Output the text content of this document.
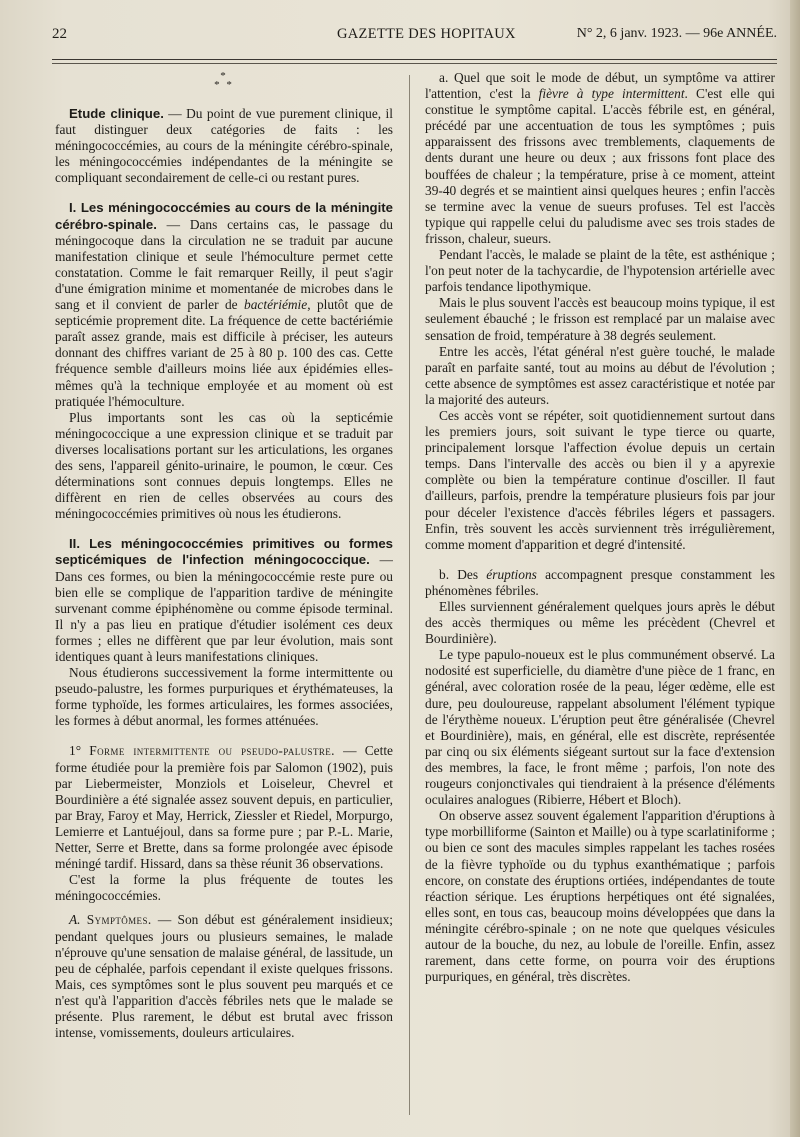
22	GAZETTE DES HOPITAUX	N° 2, 6 janv. 1923. — 96e ANNÉE.
*
* *

Etude clinique. — Du point de vue purement clinique, il faut distinguer deux catégories de faits : les méningococcémies, au cours de la méningite cérébro-spinale, les méningococcémies indépendantes de la méningite se compliquant secondairement de celle-ci ou restant pures.

I. Les méningococcémies au cours de la méningite cérébro-spinale. — Dans certains cas, le passage du méningocoque dans la circulation ne se traduit par aucune manifestation clinique et seule l'hémoculture permet cette constatation. Comme le fait remarquer Reilly, il peut s'agir d'une émigration minime et momentanée de microbes dans le sang et il convient de parler de bactériémie, plutôt que de septicémie proprement dite. La fréquence de cette bactériémie paraît assez grande, mais est difficile à préciser, les auteurs donnant des chiffres variant de 25 à 80 p. 100 des cas. Cette fréquence semble d'ailleurs moins liée aux épidémies elles-mêmes qu'à la technique employée et au moment où est pratiquée l'hémoculture.

Plus importants sont les cas où la septicémie méningococcique a une expression clinique et se traduit par diverses localisations portant sur les articulations, les organes des sens, l'appareil génito-urinaire, le poumon, le cœur. Ces déterminations sont connues depuis longtemps. Elles ne diffèrent en rien de celles observées au cours des méningococcémies primitives où nous les étudierons.

II. Les méningococcémies primitives ou formes septicémiques de l'infection méningococcique. — Dans ces formes, ou bien la méningococcémie reste pure ou bien elle se complique de l'apparition tardive de méningite survenant comme épiphénomène ou comme épisode terminal. Il n'y a pas lieu en pratique d'étudier isolément ces deux formes ; elles ne diffèrent que par leur évolution, mais sont identiques quant à leurs manifestations cliniques.

Nous étudierons successivement la forme intermittente ou pseudo-palustre, les formes purpuriques et érythémateuses, la forme typhoïde, les formes articulaires, les formes associées, les formes à début anormal, les formes atténuées.

1° Forme intermittente ou pseudo-palustre. — Cette forme étudiée pour la première fois par Salomon (1902), puis par Liebermeister, Monziols et Loiseleur, Chevrel et Bourdinière a été signalée assez souvent depuis, en particulier, par Bray, Faroy et May, Herrick, Ziessler et Riedel, Morpurgo, Lemierre et Lantuéjoul, dans sa forme pure ; par P.-L. Marie, Netter, Serre et Brette, dans sa forme prolongée avec épisode méningé tardif. Hissard, dans sa thèse réunit 36 observations.

C'est la forme la plus fréquente de toutes les méningococcémies.

A. Symptômes. — Son début est généralement insidieux; pendant quelques jours ou plusieurs semaines, le malade n'éprouve qu'une sensation de malaise général, de lassitude, un peu de céphalée, parfois cependant il existe quelques frissons. Mais, ces symptômes sont le plus souvent peu marqués et ce n'est qu'à l'apparition d'accès fébriles nets que le malade se présente. Plus rarement, le début est brutal avec frisson intense, vomissements, douleurs articulaires.

a. Quel que soit le mode de début, un symptôme va attirer l'attention, c'est la fièvre à type intermittent. C'est elle qui constitue le symptôme capital. L'accès fébrile est, en général, précédé par une accentuation de tous les symptômes ; puis apparaissent des frissons avec tremblements, claquements de dents durant une heure ou deux ; aux frissons font place des bouffées de chaleur ; la température, prise à ce moment, atteint 39-40 degrés et se maintient ainsi quelques heures ; enfin l'accès se termine avec la venue de sueurs profuses. Tel est l'accès typique qui rappelle celui du paludisme avec ses trois stades de frisson, chaleur, sueurs.

Pendant l'accès, le malade se plaint de la tête, est asthénique ; l'on peut noter de la tachycardie, de l'hypotension artérielle avec parfois tendance lipothymique.

Mais le plus souvent l'accès est beaucoup moins typique, il est seulement ébauché ; le frisson est remplacé par un malaise avec sensation de froid, température à 38 degrés seulement.

Entre les accès, l'état général n'est guère touché, le malade paraît en parfaite santé, tout au moins au début de l'évolution ; cette absence de symptômes est assez caractéristique et notée par la majorité des auteurs.

Ces accès vont se répéter, soit quotidiennement surtout dans les premiers jours, soit suivant le type tierce ou quarte, principalement lorsque l'affection évolue depuis un certain temps. Dans l'intervalle des accès ou bien il y a apyrexie complète ou bien la température continue d'osciller. Il faut d'ailleurs, parfois, prendre la température plusieurs fois par jour pour déceler l'existence d'accès fébriles légers et passagers. Enfin, très souvent les accès surviennent très irrégulièrement, comme moment d'apparition et degré d'intensité.

b. Des éruptions accompagnent presque constamment les phénomènes fébriles.

Elles surviennent généralement quelques jours après le début des accès thermiques ou même les précèdent (Chevrel et Bourdinière).

Le type papulo-noueux est le plus communément observé. La nodosité est superficielle, du diamètre d'une pièce de 1 franc, en général, avec coloration rosée de la peau, léger œdème, elle est dure, peu douloureuse, rappelant absolument l'élément typique de l'érythème noueux. L'éruption peut être généralisée (Chevrel et Bourdinière), mais, en général, elle est discrète, représentée par cinq ou six éléments siégeant surtout sur la face d'extension des membres, la face, le front même ; parfois, l'on note des rougeurs conjonctivales qui tiendraient à la présence d'éléments oculaires analogues (Ribierre, Hébert et Bloch).

On observe assez souvent également l'apparition d'éruptions à type morbilliforme (Sainton et Maille) ou à type scarlatiniforme ; ou bien ce sont des macules simples rappelant les taches rosées de la fièvre typhoïde ou du typhus exanthématique ; parfois encore, on constate des éruptions ortiées, indépendantes de toute réaction sérique. Les éruptions herpétiques ont été signalées, elles sont, en tous cas, beaucoup moins développées que dans la méningite cérébro-spinale ; on ne note que quelques vésicules autour de la bouche, du nez, au lobule de l'oreille. Enfin, assez rarement, dans cette forme, on pourra voir des éruptions purpuriques, en général, très discrètes.
